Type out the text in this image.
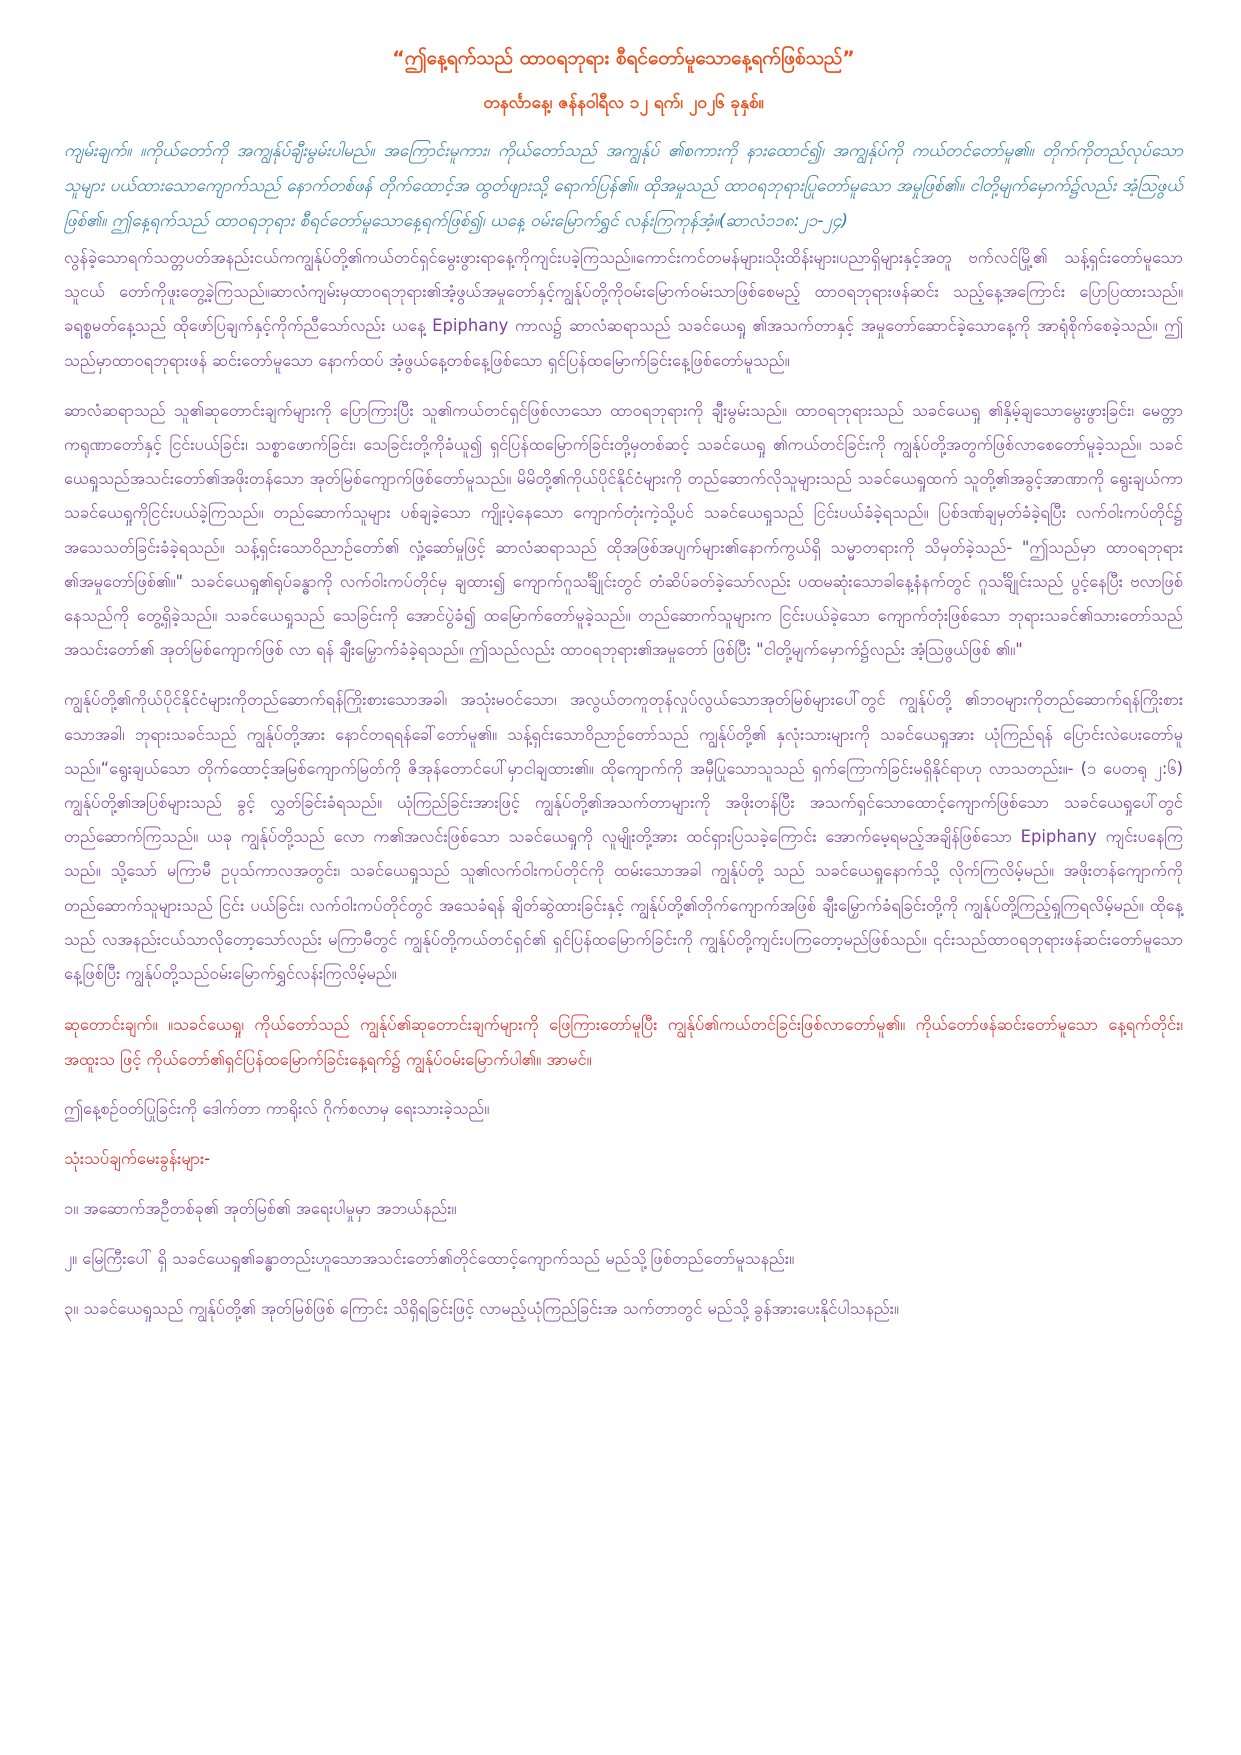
“ဤနေ့ရက်သည် ထာဝရဘုရား စီရင်တော်မူသောနေ့ရက်ဖြစ်သည်”
တနင်္လာနေ့၊ ဇန်နဝါရီလ ၁၂ ရက်၊ ၂၀၂၆ ခုနှစ်။

ကျမ်းချက်။ ။ကိုယ်တော်ကို အကျွန်ုပ်ချီးမွမ်းပါမည်။ အကြောင်းမူကား၊ ကိုယ်တော်သည် အကျွန်ုပ် ၏စကားကို နားထောင်၍၊ အကျွန်ုပ်ကို ကယ်တင်တော်မူ၏။ တိုက်ကိုတည်လုပ်သောသူများ ပယ်ထားသောကျောက်သည် နောက်တစ်ဖန် တိုက်ထောင့်အ ထွတ်ဖျားသို့ ရောက်ပြန်၏။ ထိုအမှုသည် ထာဝရဘုရားပြုတော်မူသော အမှုဖြစ်၏။ ငါတို့မျက်မှောက်၌လည်း အံ့ဩဖွယ်ဖြစ်၏။ ဤနေ့ရက်သည် ထာဝရဘုရား စီရင်တော်မူသောနေ့ရက်ဖြစ်၍၊ ယနေ့ ဝမ်းမြောက်ရွှင် လန်းကြကုန်အံ့။(ဆာလံ၁၁၈:၂၁-၂၄)

လွန်ခဲ့သောရက်သတ္တပတ်အနည်းငယ်ကကျွန်ုပ်တို့၏ကယ်တင်ရှင်မွေးဖွားရာနေ့ကိုကျင်းပခဲ့ကြသည်။ကောင်းကင်တမန်များ၊သိုးထိန်းများ၊ပညာရှိများနှင့်အတူ ဗက်လင်မြို့၏ သန့်ရှင်းတော်မူသောသူငယ် တော်ကိုဖူးတွေ့ခဲ့ကြသည်။ဆာလံကျမ်းမှထာဝရဘုရား၏အံ့ဖွယ်အမှုတော်နှင့်ကျွန်ုပ်တို့ကိုဝမ်းမြောက်ဝမ်းသာဖြစ်စေမည့် ထာဝရဘုရားဖန်ဆင်း သည့်နေ့အကြောင်း ပြောပြထားသည်။ ခရစ္စမတ်နေ့သည် ထိုဖော်ပြချက်နှင့်ကိုက်ညီသော်လည်း ယနေ့ Epiphany ကာလ၌ ဆာလံဆရာသည် သခင်ယေရှု ၏အသက်တာနှင့် အမှုတော်ဆောင်ခဲ့သောနေ့ကို အာရုံစိုက်စေခဲ့သည်။ ဤသည်မှာထာဝရဘုရားဖန် ဆင်းတော်မူသော နောက်ထပ် အံ့ဖွယ်နေ့တစ်နေ့ဖြစ်သော ရှင်ပြန်ထမြောက်ခြင်းနေ့ဖြစ်တော်မူသည်။

ဆာလံဆရာသည် သူ၏ဆုတောင်းချက်များကို ပြောကြားပြီး သူ၏ကယ်တင်ရှင်ဖြစ်လာသော ထာဝရဘုရားကို ချီးမွမ်းသည်။ ထာဝရဘုရားသည် သခင်ယေရှု ၏နှိမ့်ချသောမွေးဖွားခြင်း၊ မေတ္တာကရုဏာတော်နှင့် ငြင်းပယ်ခြင်း၊ သစ္စာဖောက်ခြင်း၊ သေခြင်းတို့ကိုခံယူ၍ ရှင်ပြန်ထမြောက်ခြင်းတို့မှတစ်ဆင့် သခင်ယေရှု ၏ကယ်တင်ခြင်းကို ကျွန်ုပ်တို့အတွက်ဖြစ်လာစေတော်မူခဲ့သည်။ သခင်ယေရှုသည်အသင်းတော်၏အဖိုးတန်သော အုတ်မြစ်ကျောက်ဖြစ်တော်မူသည်။ မိမိတို့၏ကိုယ်ပိုင်နိုင်ငံများကို တည်ဆောက်လိုသူများသည် သခင်ယေရှုထက် သူတို့၏အခွင့်အာဏာကို ရွေးချယ်ကာ သခင်ယေရှုကိုငြင်းပယ်ခဲ့ကြသည်။ တည်ဆောက်သူများ ပစ်ချခဲ့သော ကျိုးပဲ့နေသော ကျောက်တုံးကဲ့သို့ပင် သခင်ယေရှုသည် ငြင်းပယ်ခံခဲ့ရသည်။ ပြစ်ဒဏ်ချမှတ်ခံခဲ့ရပြီး လက်ဝါးကပ်တိုင်၌ အသေသတ်ခြင်းခံခဲ့ရသည်။ သန့်ရှင်းသောဝိညာဉ်တော်၏ လှုံ့ဆော်မှုဖြင့် ဆာလံဆရာသည် ထိုအဖြစ်အပျက်များ၏နောက်ကွယ်ရှိ သမ္မာတရားကို သိမှတ်ခဲ့သည်- "ဤသည်မှာ ထာဝရဘုရား ၏အမှုတော်ဖြစ်၏။" သခင်ယေရှု၏ရုပ်ခန္ဓာကို လက်ဝါးကပ်တိုင်မှ ချထား၍ ကျောက်ဂူသင်္ချိုင်းတွင် တံဆိပ်ခတ်ခဲ့သော်လည်း ပထမဆုံးသောခါနေ့နံနက်တွင် ဂူသင်္ချိုင်းသည် ပွင့်နေပြီး ဗလာဖြစ်နေသည်ကို တွေ့ရှိခဲ့သည်။ သခင်ယေရှုသည် သေခြင်းကို အောင်ပွဲခံ၍ ထမြောက်တော်မူခဲ့သည်။ တည်ဆောက်သူများက ငြင်းပယ်ခဲ့သော ကျောက်တုံးဖြစ်သော ဘုရားသခင်၏သားတော်သည် အသင်းတော်၏ အုတ်မြစ်ကျောက်ဖြစ် လာ ရန် ချီးမြှောက်ခံခဲ့ရသည်။ ဤသည်လည်း ထာဝရဘုရား၏အမှုတော် ဖြစ်ပြီး "ငါတို့မျက်မှောက်၌လည်း အံ့ဩဖွယ်ဖြစ် ၏။"

ကျွန်ုပ်တို့၏ကိုယ်ပိုင်နိုင်ငံများကိုတည်ဆောက်ရန်ကြိုးစားသောအခါ၊ အသုံးမဝင်သော၊ အလွယ်တကူတုန်လှုပ်လွယ်သောအုတ်မြစ်များပေါ်တွင် ကျွန်ုပ်တို့ ၏ဘဝများကိုတည်ဆောက်ရန်ကြိုးစားသောအခါ၊ ဘုရားသခင်သည် ကျွန်ုပ်တို့အား နောင်တရရန်ခေါ်တော်မူ၏။ သန့်ရှင်းသောဝိညာဉ်တော်သည် ကျွန်ုပ်တို့၏ နှလုံးသားများကို သခင်ယေရှုအား ယုံကြည်ရန် ပြောင်းလဲပေးတော်မူသည်။“ရွေးချယ်သော တိုက်ထောင့်အမြစ်ကျောက်မြတ်ကို ဇိအုန်တောင်ပေါ်မှာငါချထား၏။ ထိုကျောက်ကို အမှီပြုသောသူသည် ရှက်ကြောက်ခြင်းမရှိနိုင်ရာဟု လာသတည်း။- (၁ ပေတရု ၂:၆) ကျွန်ုပ်တို့၏အပြစ်များသည် ခွင့် လွှတ်ခြင်းခံရသည်။ ယုံကြည်ခြင်းအားဖြင့် ကျွန်ုပ်တို့၏အသက်တာများကို အဖိုးတန်ပြီး အသက်ရှင်သောထောင့်ကျောက်ဖြစ်သော သခင်ယေရှုပေါ်တွင် တည်ဆောက်ကြသည်။ ယခု ကျွန်ုပ်တို့သည် လော က၏အလင်းဖြစ်သော သခင်ယေရှုကို လူမျိုးတို့အား ထင်ရှားပြသခဲ့ကြောင်း အောက်မေ့ရမည့်အချိန်ဖြစ်သော Epiphany ကျင်းပနေကြသည်။ သို့သော် မကြာမီ ဥပုသ်ကာလအတွင်း၊ သခင်ယေရှုသည် သူ၏လက်ဝါးကပ်တိုင်ကို ထမ်းသောအခါ ကျွန်ုပ်တို့ သည် သခင်ယေရှုနောက်သို့ လိုက်ကြလိမ့်မည်။ အဖိုးတန်ကျောက်ကို တည်ဆောက်သူများသည် ငြင်း ပယ်ခြင်း၊ လက်ဝါးကပ်တိုင်တွင် အသေခံရန် ချိတ်ဆွဲထားခြင်းနှင့် ကျွန်ုပ်တို့၏တိုက်ကျောက်အဖြစ် ချီးမြှောက်ခံရခြင်းတို့ကို ကျွန်ုပ်တို့ကြည့်ရှုကြရလိမ့်မည်။ ထိုနေ့သည် လအနည်းငယ်သာလိုတော့သော်လည်း မကြာမီတွင် ကျွန်ုပ်တို့ကယ်တင်ရှင်၏ ရှင်ပြန်ထမြောက်ခြင်းကို ကျွန်ုပ်တို့ကျင်းပကြတော့မည်ဖြစ်သည်။ ၎င်းသည်ထာဝရဘုရားဖန်ဆင်းတော်မူသောနေ့ဖြစ်ပြီး ကျွန်ုပ်တို့သည်ဝမ်းမြောက်ရွှင်လန်းကြလိမ့်မည်။

ဆုတောင်းချက်။ ။သခင်ယေရှု၊ ကိုယ်တော်သည် ကျွန်ုပ်၏ဆုတောင်းချက်များကို ဖြေကြားတော်မူပြီး ကျွန်ုပ်၏ကယ်တင်ခြင်းဖြစ်လာတော်မူ၏။ ကိုယ်တော်ဖန်ဆင်းတော်မူသော နေ့ရက်တိုင်း၊ အထူးသ ဖြင့် ကိုယ်တော်၏ရှင်ပြန်ထမြောက်ခြင်းနေ့ရက်၌ ကျွန်ုပ်ဝမ်းမြောက်ပါ၏။ အာမင်။

ဤနေ့စဉ်ဝတ်ပြုခြင်းကို ဒေါက်တာ ကာရိုးလ် ဂိုက်စလာမှ ရေးသားခဲ့သည်။

သုံးသပ်ချက်မေးခွန်းများ-

၁။ အဆောက်အဦတစ်ခု၏ အုတ်မြစ်၏ အရေးပါမှုမှာ အဘယ်နည်း။

၂။ မြေကြီးပေါ် ရှိ သခင်ယေရှု၏ခန္ဓာတည်းဟူသောအသင်းတော်၏တိုင်ထောင့်ကျောက်သည် မည်သို့ဖြစ်တည်တော်မူသနည်း။

၃။ သခင်ယေရှုသည် ကျွန်ုပ်တို့၏ အုတ်မြစ်ဖြစ် ကြောင်း သိရှိရခြင်းဖြင့် လာမည့်ယုံကြည်ခြင်းအ သက်တာတွင် မည်သို့ ခွန်အားပေးနိုင်ပါသနည်း။
